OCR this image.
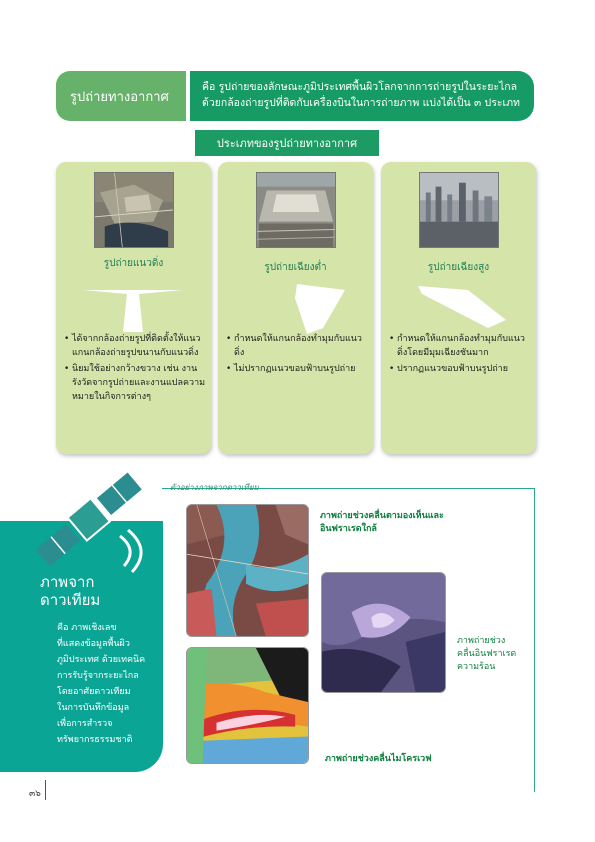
รูปถ่ายทางอากาศ
คือ รูปถ่ายของลักษณะภูมิประเทศพื้นผิวโลกจากการถ่ายรูปในระยะไกล
ด้วยกล้องถ่ายรูปที่ติดกับเครื่องบินในการถ่ายภาพ แบ่งได้เป็น ๓ ประเภท
ประเภทของรูปถ่ายทางอากาศ
รูปถ่ายแนวดิ่ง
• ได้จากกล้องถ่ายรูปที่ติดตั้งให้แนวแกนกล้องถ่ายรูปขนานกับแนวดิ่ง
• นิยมใช้อย่างกว้างขวาง เช่น งานรังวัดจากรูปถ่ายและงานแปลความหมายในกิจการต่างๆ
รูปถ่ายเฉียงต่ำ
• กำหนดให้แกนกล้องทำมุมกับแนวดิ่ง
• ไม่ปรากฏแนวขอบฟ้าบนรูปถ่าย
รูปถ่ายเฉียงสูง
• กำหนดให้แกนกล้องทำมุมกับแนวดิ่งโดยมีมุมเฉียงชันมาก
• ปรากฏแนวขอบฟ้าบนรูปถ่าย
ตัวอย่างภาพจากดาวเทียม
ภาพจาก
ดาวเทียม
คือ ภาพเชิงเลข
ที่แสดงข้อมูลพื้นผิว
ภูมิประเทศ ด้วยเทคนิค
การรับรู้จากระยะไกล
โดยอาศัยดาวเทียม
ในการบันทึกข้อมูล
เพื่อการสำรวจ
ทรัพยากรธรรมชาติ
ภาพถ่ายช่วงคลื่นตามองเห็นและอินฟราเรดใกล้
ภาพถ่ายช่วงคลื่นอินฟราเรดความร้อน
ภาพถ่ายช่วงคลื่นไมโครเวฟ
๓๖
